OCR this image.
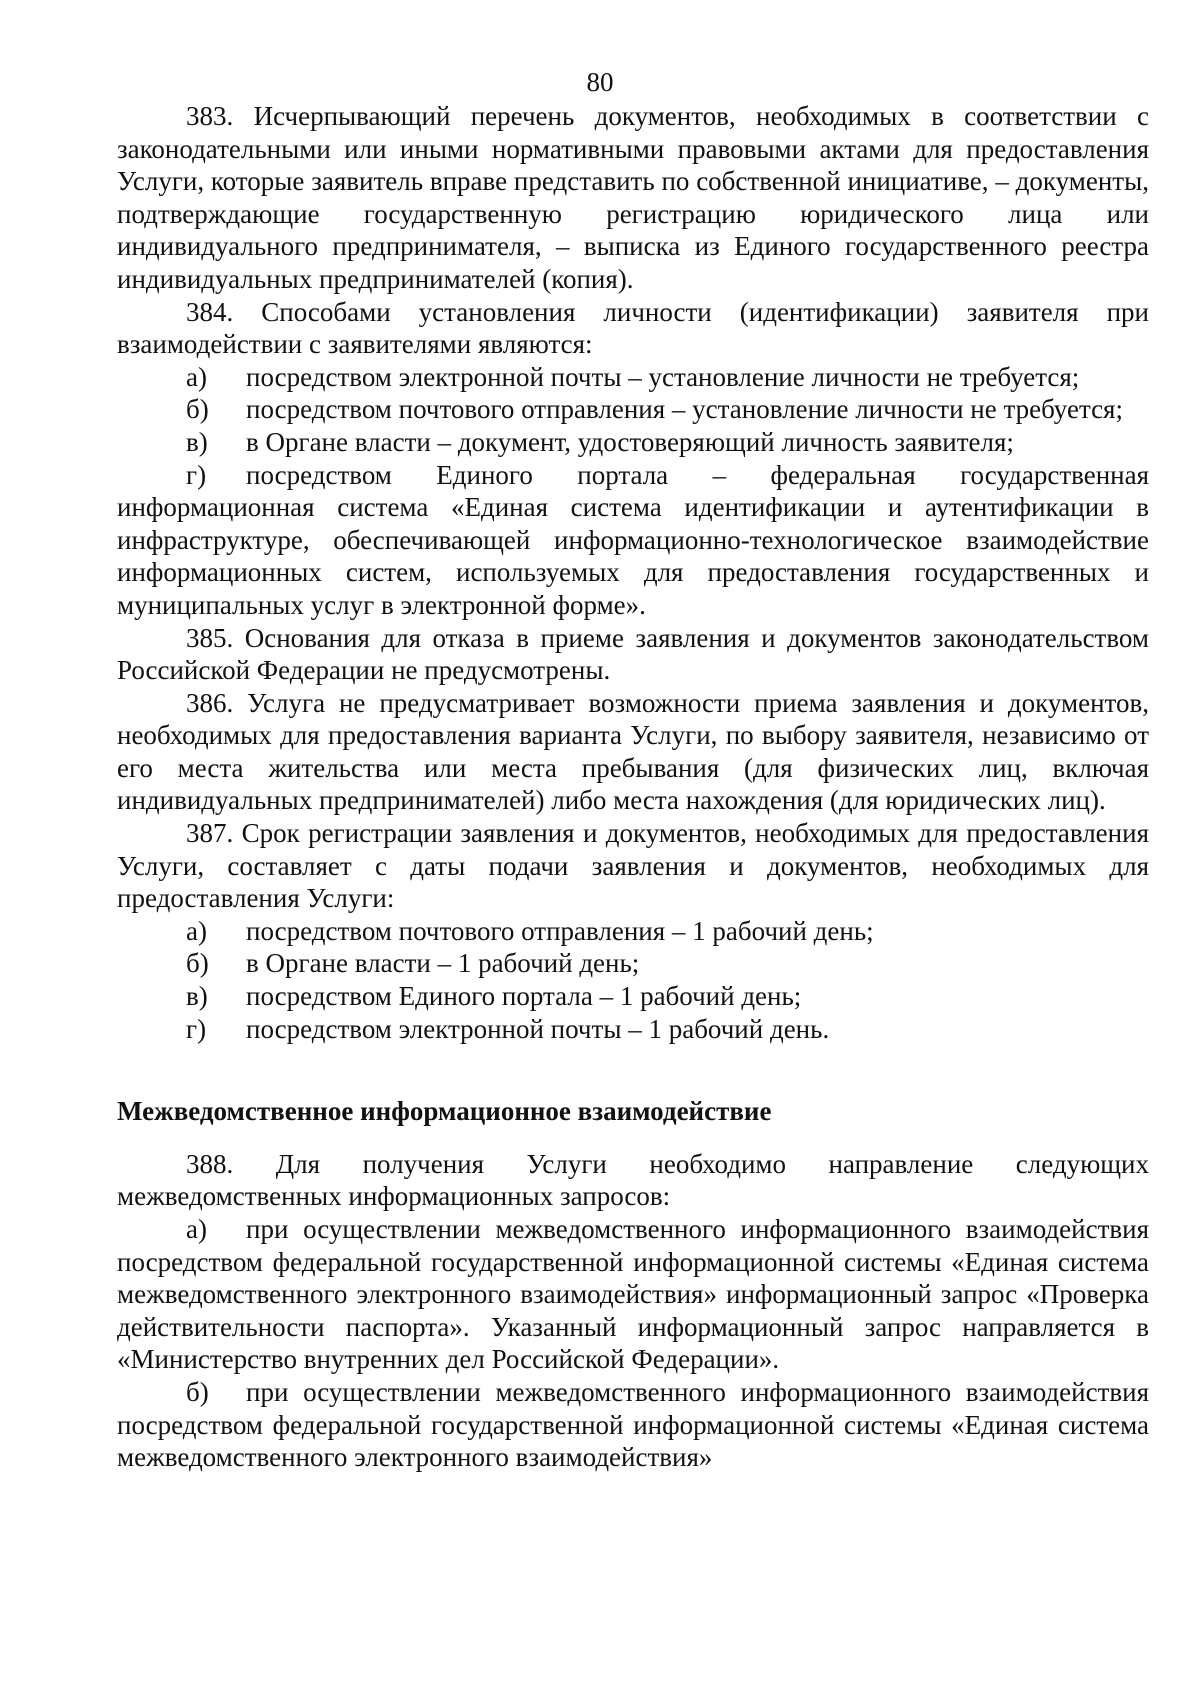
80

383. Исчерпывающий перечень документов, необходимых в соответствии с законодательными или иными нормативными правовыми актами для предоставления Услуги, которые заявитель вправе представить по собственной инициативе, – документы, подтверждающие государственную регистрацию юридического лица или индивидуального предпринимателя, – выписка из Единого государственного реестра индивидуальных предпринимателей (копия).

384. Способами установления личности (идентификации) заявителя при взаимодействии с заявителями являются:

а) посредством электронной почты – установление личности не требуется;

б) посредством почтового отправления – установление личности не требуется;

в) в Органе власти – документ, удостоверяющий личность заявителя;

г) посредством Единого портала – федеральная государственная информационная система «Единая система идентификации и аутентификации в инфраструктуре, обеспечивающей информационно-технологическое взаимодействие информационных систем, используемых для предоставления государственных и муниципальных услуг в электронной форме».

385. Основания для отказа в приеме заявления и документов законодательством Российской Федерации не предусмотрены.

386. Услуга не предусматривает возможности приема заявления и документов, необходимых для предоставления варианта Услуги, по выбору заявителя, независимо от его места жительства или места пребывания (для физических лиц, включая индивидуальных предпринимателей) либо места нахождения (для юридических лиц).

387. Срок регистрации заявления и документов, необходимых для предоставления Услуги, составляет с даты подачи заявления и документов, необходимых для предоставления Услуги:

а) посредством почтового отправления – 1 рабочий день;

б) в Органе власти – 1 рабочий день;

в) посредством Единого портала – 1 рабочий день;

г) посредством электронной почты – 1 рабочий день.

Межведомственное информационное взаимодействие

388. Для получения Услуги необходимо направление следующих межведомственных информационных запросов:

а) при осуществлении межведомственного информационного взаимодействия посредством федеральной государственной информационной системы «Единая система межведомственного электронного взаимодействия» информационный запрос «Проверка действительности паспорта». Указанный информационный запрос направляется в «Министерство внутренних дел Российской Федерации».

б) при осуществлении межведомственного информационного взаимодействия посредством федеральной государственной информационной системы «Единая система межведомственного электронного взаимодействия»
